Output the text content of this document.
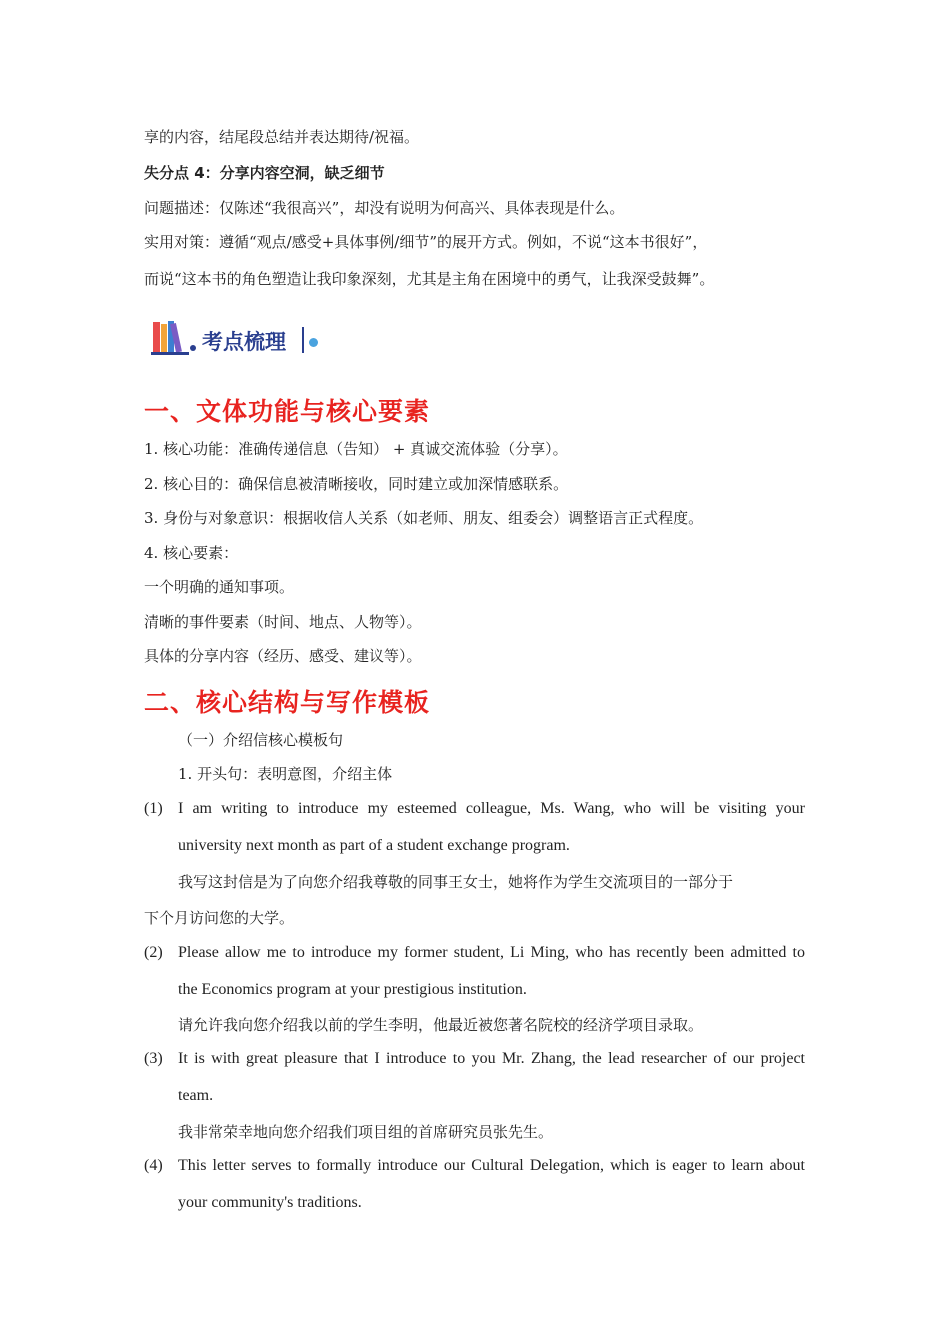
享的内容，结尾段总结并表达期待/祝福。
失分点 4：分享内容空洞，缺乏细节
问题描述：仅陈述“我很高兴”，却没有说明为何高兴、具体表现是什么。
实用对策：遵循“观点/感受+具体事例/细节”的展开方式。例如，不说“这本书很好”，
而说“这本书的角色塑造让我印象深刻，尤其是主角在困境中的勇气，让我深受鼓舞”。
考点梳理
一、文体功能与核心要素
1. 核心功能：准确传递信息（告知） + 真诚交流体验（分享）。
2. 核心目的：确保信息被清晰接收，同时建立或加深情感联系。
3. 身份与对象意识：根据收信人关系（如老师、朋友、组委会）调整语言正式程度。
4. 核心要素：
一个明确的通知事项。
清晰的事件要素（时间、地点、人物等）。
具体的分享内容（经历、感受、建议等）。
二、核心结构与写作模板
（一）介绍信核心模板句
1. 开头句：表明意图，介绍主体
(1) I am writing to introduce my esteemed colleague, Ms. Wang, who will be visiting your
university next month as part of a student exchange program.
我写这封信是为了向您介绍我尊敬的同事王女士，她将作为学生交流项目的一部分于
下个月访问您的大学。
(2) Please allow me to introduce my former student, Li Ming, who has recently been admitted to
the Economics program at your prestigious institution.
请允许我向您介绍我以前的学生李明，他最近被您著名院校的经济学项目录取。
(3) It is with great pleasure that I introduce to you Mr. Zhang, the lead researcher of our project
team.
我非常荣幸地向您介绍我们项目组的首席研究员张先生。
(4) This letter serves to formally introduce our Cultural Delegation, which is eager to learn about
your community's traditions.
